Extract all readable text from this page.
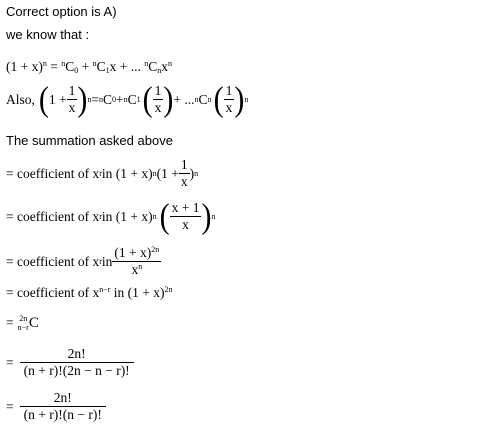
Correct option is A)
we know that :
$(1 + x)^n = ^nC_0 + ^nC_1x$ + ... $^nC_nx^n$
Also, ( $1 + \frac{1}{x}$ ) n = n C 0 + n C 1 ( $\frac{1}{x}$ ) + ... n C n ( $\frac{1}{x}$ ) n
The summation asked above
= coefficient of x r in (1 + x) n ($1 + \frac{1}{x}$ ) n
= coefficient of x r in (1 + x) n ( $\frac{x + 1}{x}$ ) n
= coefficient of x r in $\frac{(1 + x)^{2n}}{x^n}$
= coefficient of $x^{n-r}$ in $(1 + x)^{2n}$
= 2n
n−r C
= $\frac{2n!}{(n + r)!(2n - n - r)!}$
= $\frac{2n!}{(n + r)!(n - r)!}$
